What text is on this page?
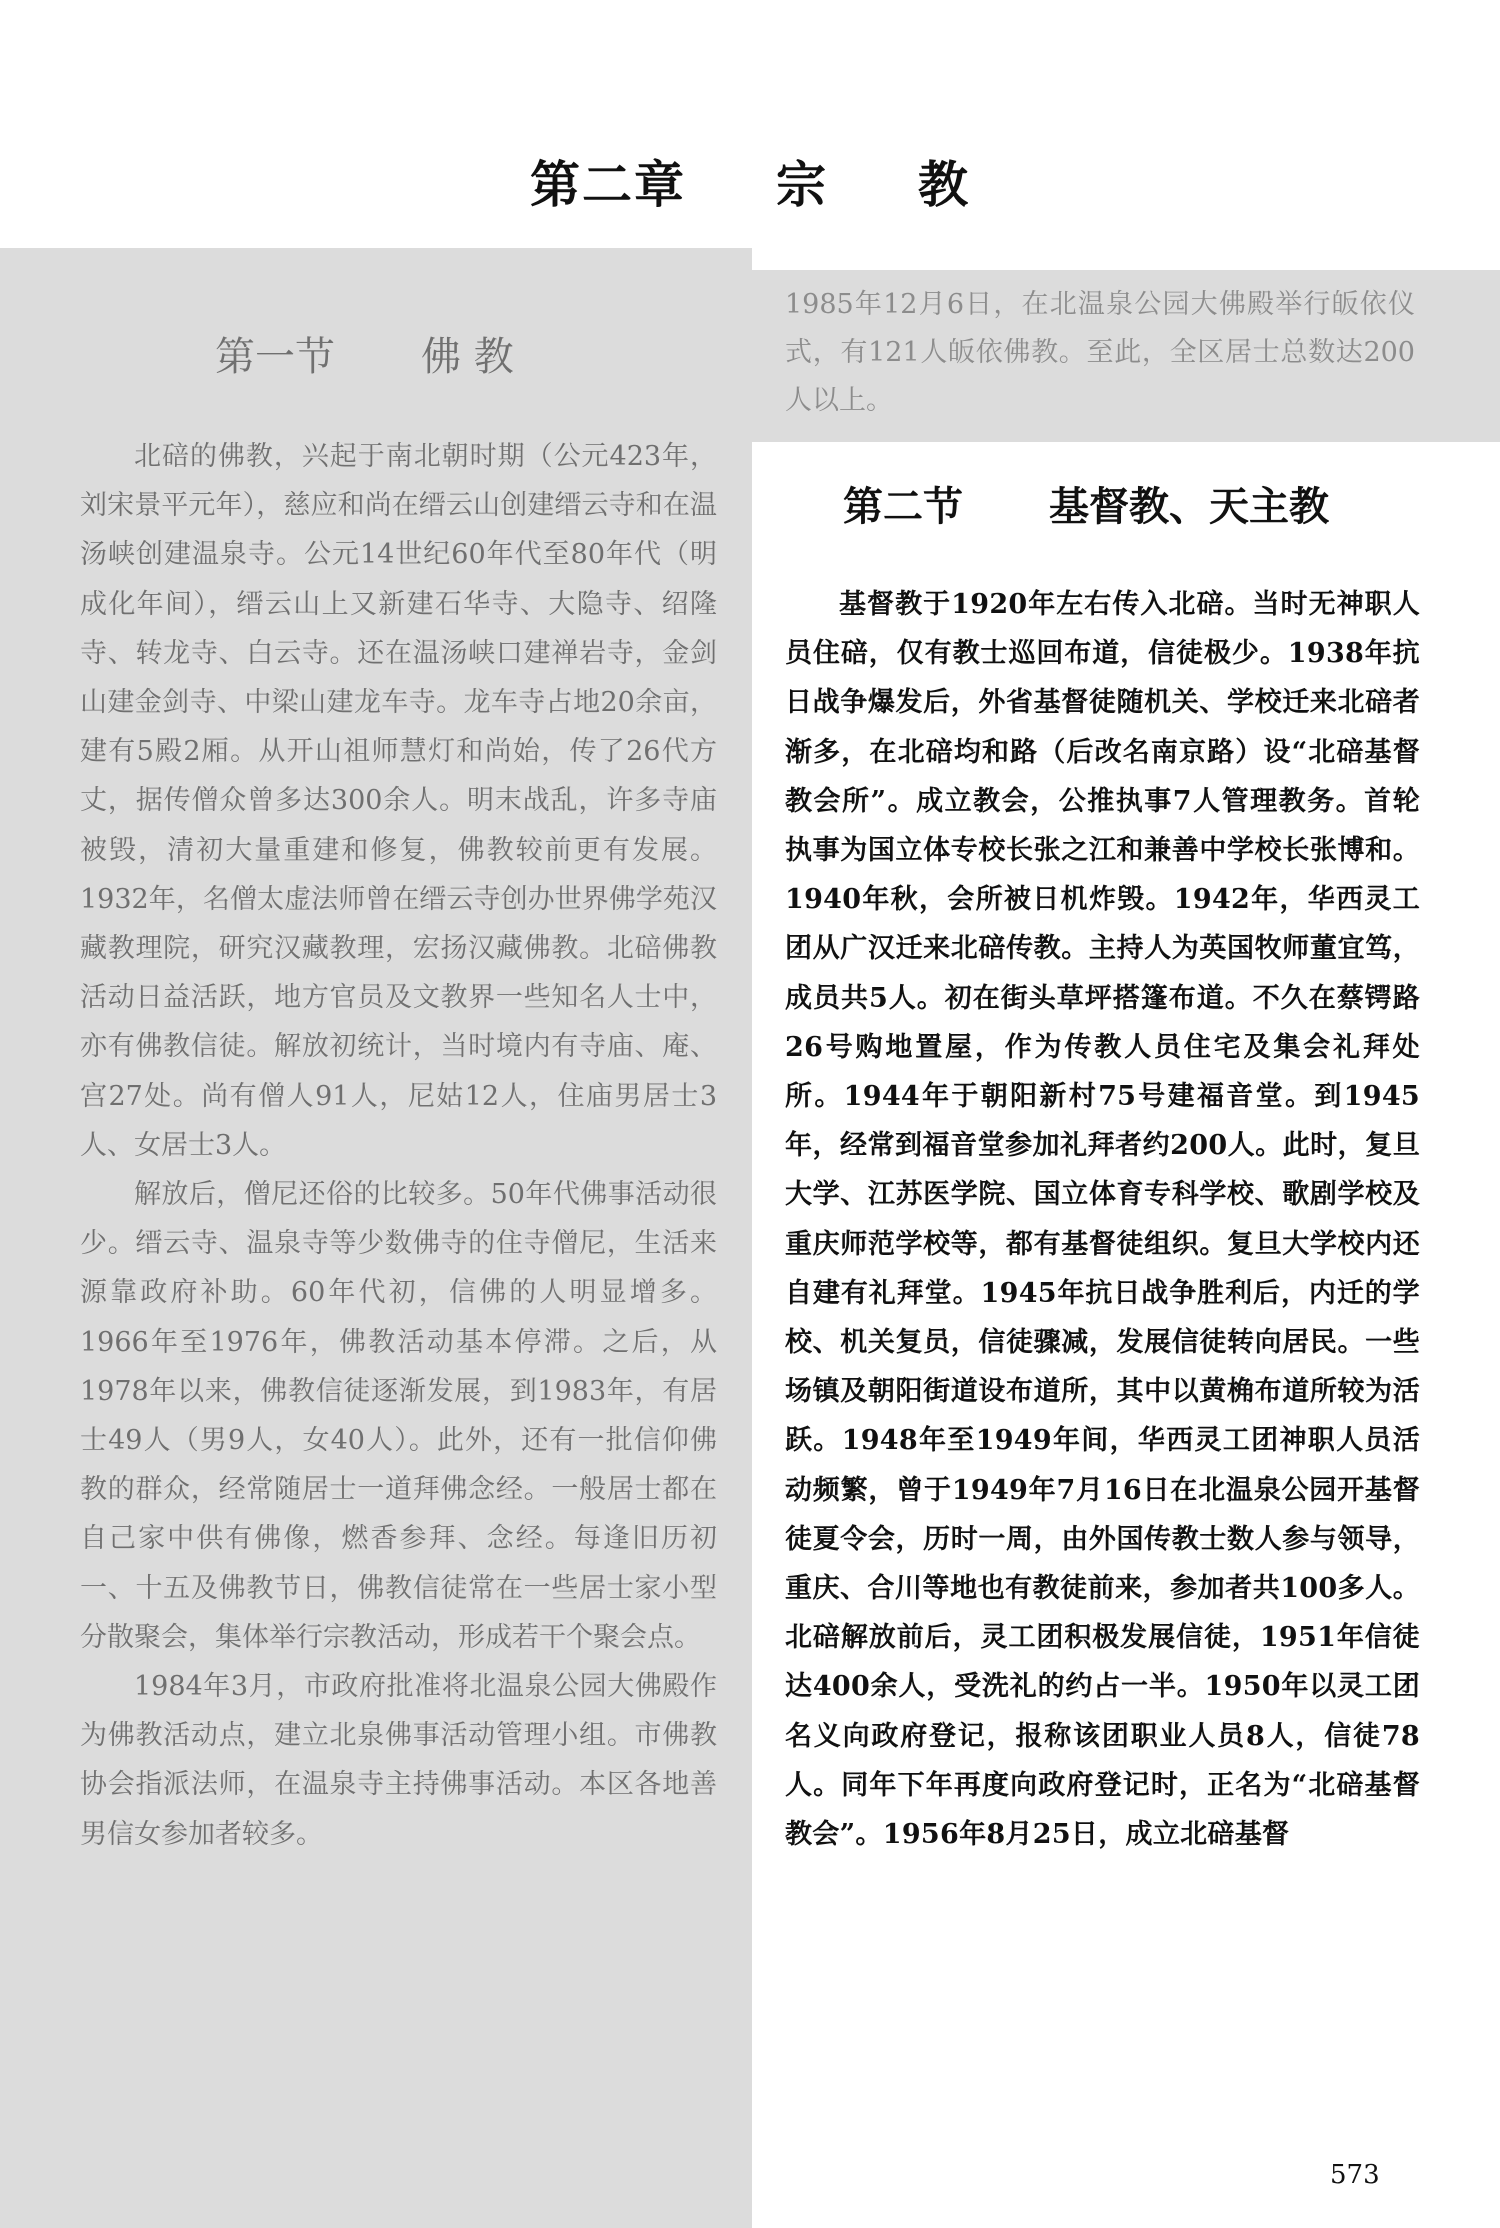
第二章 宗 教
第一节 佛 教

北碚的佛教，兴起于南北朝时期（公元423年，刘宋景平元年），慈应和尚在缙云山创建缙云寺和在温汤峡创建温泉寺。公元14世纪60年代至80年代（明成化年间），缙云山上又新建石华寺、大隐寺、绍隆寺、转龙寺、白云寺。还在温汤峡口建禅岩寺，金剑山建金剑寺、中梁山建龙车寺。龙车寺占地20余亩，建有5殿2厢。从开山祖师慧灯和尚始，传了26代方丈，据传僧众曾多达300余人。明末战乱，许多寺庙被毁，清初大量重建和修复，佛教较前更有发展。1932年，名僧太虚法师曾在缙云寺创办世界佛学苑汉藏教理院，研究汉藏教理，宏扬汉藏佛教。北碚佛教活动日益活跃，地方官员及文教界一些知名人士中，亦有佛教信徒。解放初统计，当时境内有寺庙、庵、宫27处。尚有僧人91人，尼姑12人，住庙男居士3人、女居士3人。

解放后，僧尼还俗的比较多。50年代佛事活动很少。缙云寺、温泉寺等少数佛寺的住寺僧尼，生活来源靠政府补助。60年代初，信佛的人明显增多。1966年至1976年，佛教活动基本停滞。之后，从1978年以来，佛教信徒逐渐发展，到1983年，有居士49人（男9人，女40人）。此外，还有一批信仰佛教的群众，经常随居士一道拜佛念经。一般居士都在自己家中供有佛像，燃香参拜、念经。每逢旧历初一、十五及佛教节日，佛教信徒常在一些居士家小型分散聚会，集体举行宗教活动，形成若干个聚会点。

1984年3月，市政府批准将北温泉公园大佛殿作为佛教活动点，建立北泉佛事活动管理小组。市佛教协会指派法师，在温泉寺主持佛事活动。本区各地善男信女参加者较多。

1985年12月6日，在北温泉公园大佛殿举行皈依仪式，有121人皈依佛教。至此，全区居士总数达200人以上。

第二节 基督教、天主教

基督教于1920年左右传入北碚。当时无神职人员住碚，仅有教士巡回布道，信徒极少。1938年抗日战争爆发后，外省基督徒随机关、学校迁来北碚者渐多，在北碚均和路（后改名南京路）设“北碚基督教会所”。成立教会，公推执事7人管理教务。首轮执事为国立体专校长张之江和兼善中学校长张博和。1940年秋，会所被日机炸毁。1942年，华西灵工团从广汉迁来北碚传教。主持人为英国牧师董宜笃，成员共5人。初在街头草坪搭篷布道。不久在蔡锷路26号购地置屋，作为传教人员住宅及集会礼拜处所。1944年于朝阳新村75号建福音堂。到1945年，经常到福音堂参加礼拜者约200人。此时，复旦大学、江苏医学院、国立体育专科学校、歌剧学校及重庆师范学校等，都有基督徒组织。复旦大学校内还自建有礼拜堂。1945年抗日战争胜利后，内迁的学校、机关复员，信徒骤减，发展信徒转向居民。一些场镇及朝阳街道设布道所，其中以黄桷布道所较为活跃。1948年至1949年间，华西灵工团神职人员活动频繁，曾于1949年7月16日在北温泉公园开基督徒夏令会，历时一周，由外国传教士数人参与领导，重庆、合川等地也有教徒前来，参加者共100多人。北碚解放前后，灵工团积极发展信徒，1951年信徒达400余人，受洗礼的约占一半。1950年以灵工团名义向政府登记，报称该团职业人员8人，信徒78人。同年下年再度向政府登记时，正名为“北碚基督教会”。1956年8月25日，成立北碚基督

573
